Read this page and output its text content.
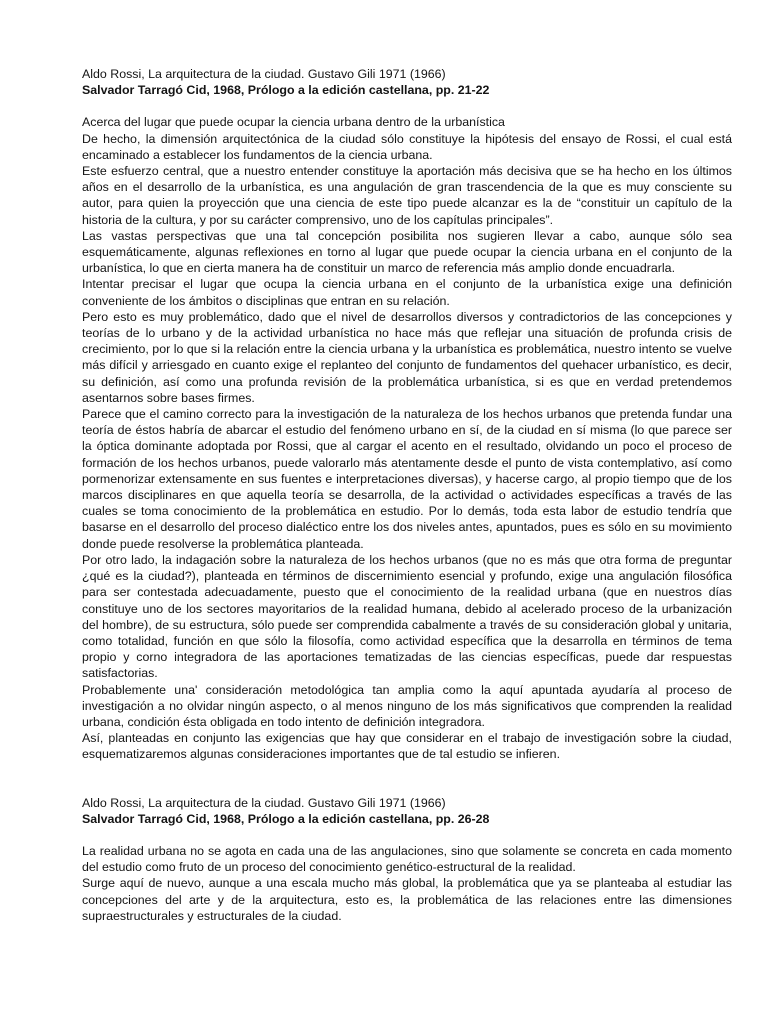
Aldo Rossi, La arquitectura de la ciudad. Gustavo Gili 1971 (1966)

Salvador Tarragó Cid, 1968, Prólogo a la edición castellana, pp. 21-22

Acerca del lugar que puede ocupar la ciencia urbana dentro de la urbanística

De hecho, la dimensión arquitectónica de la ciudad sólo constituye la hipótesis del ensayo de Rossi, el cual está encaminado a establecer los fundamentos de la ciencia urbana.

Este esfuerzo central, que a nuestro entender constituye la aportación más decisiva que se ha hecho en los últimos años en el desarrollo de la urbanística, es una angulación de gran trascendencia de la que es muy consciente su autor, para quien la proyección que una ciencia de este tipo puede alcanzar es la de “constituir un capítulo de la historia de la cultura, y por su carácter comprensivo, uno de los capítulas principales”.

Las vastas perspectivas que una tal concepción posibilita nos sugieren llevar a cabo, aunque sólo sea esquemáticamente, algunas reflexiones en torno al lugar que puede ocupar la ciencia urbana en el conjunto de la urbanística, lo que en cierta manera ha de constituir un marco de referencia más amplio donde encuadrarla.

Intentar precisar el lugar que ocupa la ciencia urbana en el conjunto de la urbanística exige una definición conveniente de los ámbitos o disciplinas que entran en su relación.

Pero esto es muy problemático, dado que el nivel de desarrollos diversos y contradictorios de las concepciones y teorías de lo urbano y de la actividad urbanística no hace más que reflejar una situación de profunda crisis de crecimiento, por lo que si la relación entre la ciencia urbana y la urbanística es problemática, nuestro intento se vuelve más difícil y arriesgado en cuanto exige el replanteo del conjunto de fundamentos del quehacer urbanístico, es decir, su definición, así como una profunda revisión de la problemática urbanística, si es que en verdad pretendemos asentarnos sobre bases firmes.

Parece que el camino correcto para la investigación de la naturaleza de los hechos urbanos que pretenda fundar una teoría de éstos habría de abarcar el estudio del fenómeno urbano en sí, de la ciudad en sí misma (lo que parece ser la óptica dominante adoptada por Rossi, que al cargar el acento en el resultado, olvidando un poco el proceso de formación de los hechos urbanos, puede valorarlo más atentamente desde el punto de vista contemplativo, así como pormenorizar extensamente en sus fuentes e interpretaciones diversas), y hacerse cargo, al propio tiempo que de los marcos disciplinares en que aquella teoría se desarrolla, de la actividad o actividades específicas a través de las cuales se toma conocimiento de la problemática en estudio. Por lo demás, toda esta labor de estudio tendría que basarse en el desarrollo del proceso dialéctico entre los dos niveles antes, apuntados, pues es sólo en su movimiento donde puede resolverse la problemática planteada.

Por otro lado, la indagación sobre la naturaleza de los hechos urbanos (que no es más que otra forma de preguntar ¿qué es la ciudad?), planteada en términos de discernimiento esencial y profundo, exige una angulación filosófica para ser contestada adecuadamente, puesto que el conocimiento de la realidad urbana (que en nuestros días constituye uno de los sectores mayoritarios de la realidad humana, debido al acelerado proceso de la urbanización del hombre), de su estructura, sólo puede ser comprendida cabalmente a través de su consideración global y unitaria, como totalidad, función en que sólo la filosofía, como actividad específica que la desarrolla en términos de tema propio y corno integradora de las aportaciones tematizadas de las ciencias específicas, puede dar respuestas satisfactorias.

Probablemente una' consideración metodológica tan amplia como la aquí apuntada ayudaría al proceso de investigación a no olvidar ningún aspecto, o al menos ninguno de los más significativos que comprenden la realidad urbana, condición ésta obligada en todo intento de definición integradora.

Así, planteadas en conjunto las exigencias que hay que considerar en el trabajo de investigación sobre la ciudad, esquematizaremos algunas consideraciones importantes que de tal estudio se infieren.

Aldo Rossi, La arquitectura de la ciudad. Gustavo Gili 1971 (1966)

Salvador Tarragó Cid, 1968, Prólogo a la edición castellana, pp. 26-28

La realidad urbana no se agota en cada una de las angulaciones, sino que solamente se concreta en cada momento del estudio como fruto de un proceso del conocimiento genético-estructural de la realidad.

Surge aquí de nuevo, aunque a una escala mucho más global, la problemática que ya se planteaba al estudiar las concepciones del arte y de la arquitectura, esto es, la problemática de las relaciones entre las dimensiones supraestructurales y estructurales de la ciudad.
